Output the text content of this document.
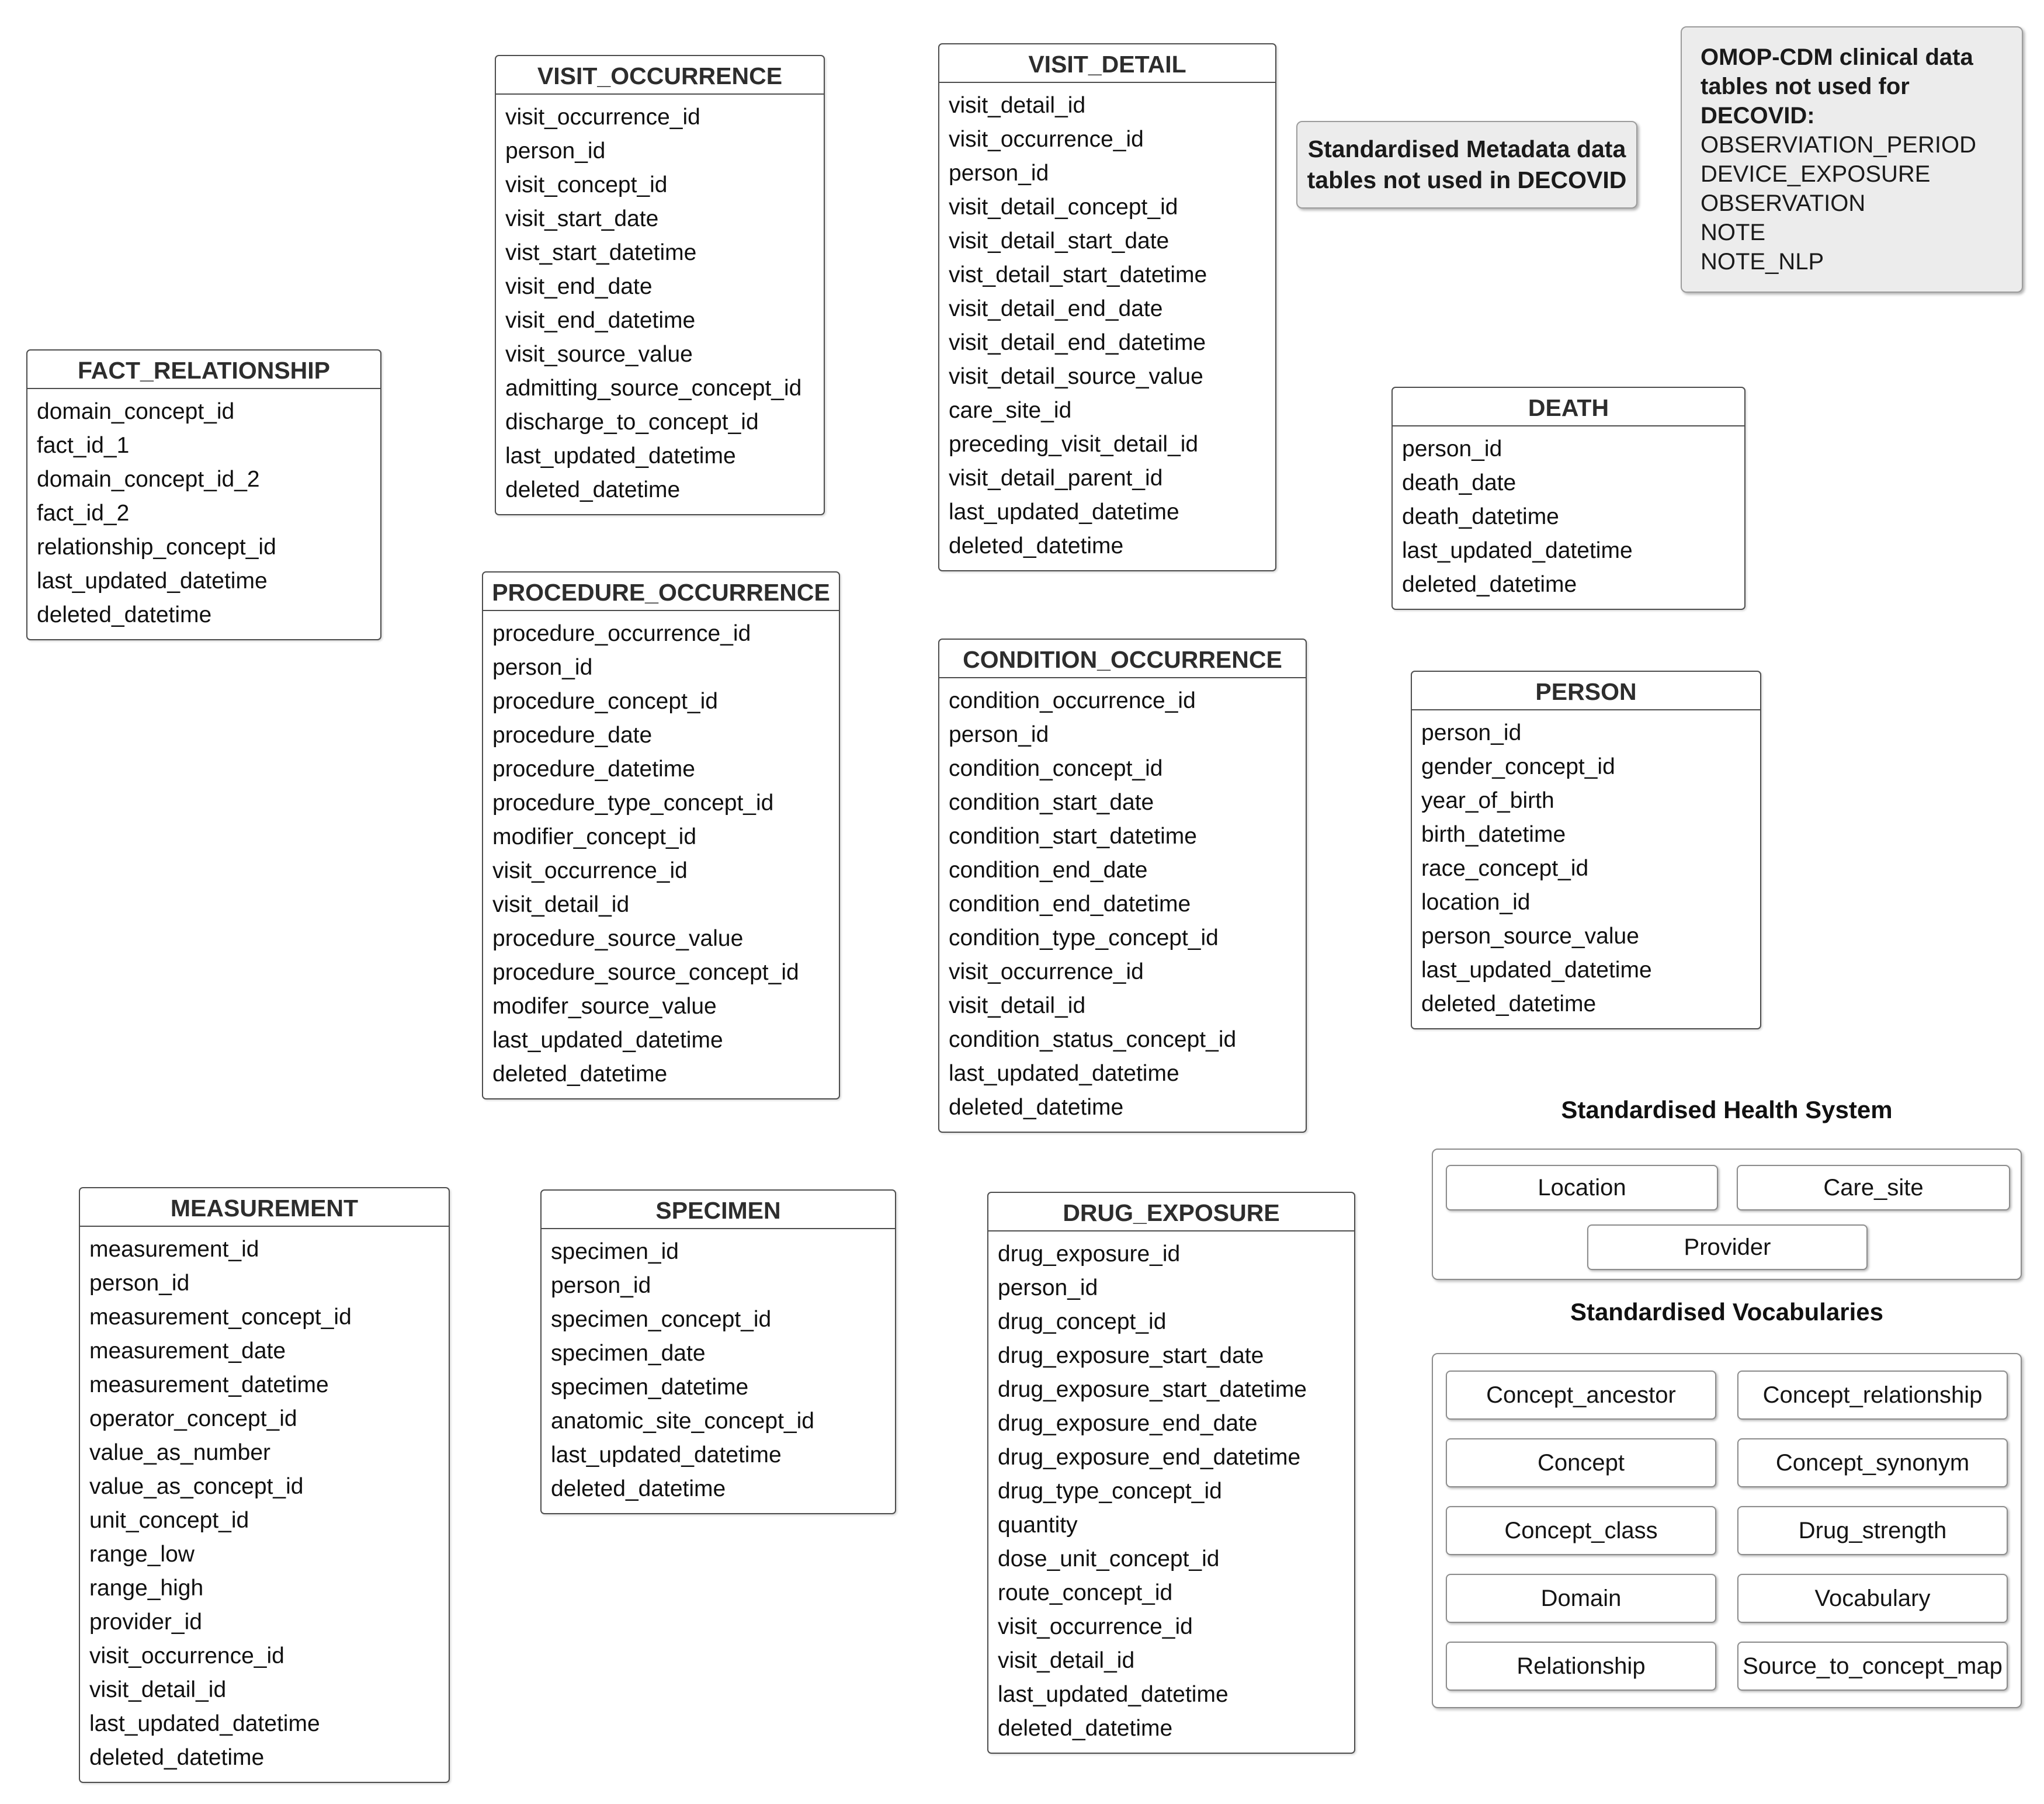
FACT_RELATIONSHIP
domain_concept_id
fact_id_1
domain_concept_id_2
fact_id_2
relationship_concept_id
last_updated_datetime
deleted_datetime
VISIT_OCCURRENCE
visit_occurrence_id
person_id
visit_concept_id
visit_start_date
vist_start_datetime
visit_end_date
visit_end_datetime
visit_source_value
admitting_source_concept_id
discharge_to_concept_id
last_updated_datetime
deleted_datetime
VISIT_DETAIL
visit_detail_id
visit_occurrence_id
person_id
visit_detail_concept_id
visit_detail_start_date
vist_detail_start_datetime
visit_detail_end_date
visit_detail_end_datetime
visit_detail_source_value
care_site_id
preceding_visit_detail_id
visit_detail_parent_id
last_updated_datetime
deleted_datetime
PROCEDURE_OCCURRENCE
procedure_occurrence_id
person_id
procedure_concept_id
procedure_date
procedure_datetime
procedure_type_concept_id
modifier_concept_id
visit_occurrence_id
visit_detail_id
procedure_source_value
procedure_source_concept_id
modifer_source_value
last_updated_datetime
deleted_datetime
CONDITION_OCCURRENCE
condition_occurrence_id
person_id
condition_concept_id
condition_start_date
condition_start_datetime
condition_end_date
condition_end_datetime
condition_type_concept_id
visit_occurrence_id
visit_detail_id
condition_status_concept_id
last_updated_datetime
deleted_datetime
DEATH
person_id
death_date
death_datetime
last_updated_datetime
deleted_datetime
PERSON
person_id
gender_concept_id
year_of_birth
birth_datetime
race_concept_id
location_id
person_source_value
last_updated_datetime
deleted_datetime
MEASUREMENT
measurement_id
person_id
measurement_concept_id
measurement_date
measurement_datetime
operator_concept_id
value_as_number
value_as_concept_id
unit_concept_id
range_low
range_high
provider_id
visit_occurrence_id
visit_detail_id
last_updated_datetime
deleted_datetime
SPECIMEN
specimen_id
person_id
specimen_concept_id
specimen_date
specimen_datetime
anatomic_site_concept_id
last_updated_datetime
deleted_datetime
DRUG_EXPOSURE
drug_exposure_id
person_id
drug_concept_id
drug_exposure_start_date
drug_exposure_start_datetime
drug_exposure_end_date
drug_exposure_end_datetime
drug_type_concept_id
quantity
dose_unit_concept_id
route_concept_id
visit_occurrence_id
visit_detail_id
last_updated_datetime
deleted_datetime
Standardised Metadata data tables not used in DECOVID
OMOP-CDM clinical data tables not used for DECOVID:
OBSERVIATION_PERIOD
DEVICE_EXPOSURE
OBSERVATION
NOTE
NOTE_NLP
Standardised Health System
Location	Care_site
Provider
Standardised Vocabularies
Concept_ancestor	Concept_relationship
Concept	Concept_synonym
Concept_class	Drug_strength
Domain	Vocabulary
Relationship	Source_to_concept_map
